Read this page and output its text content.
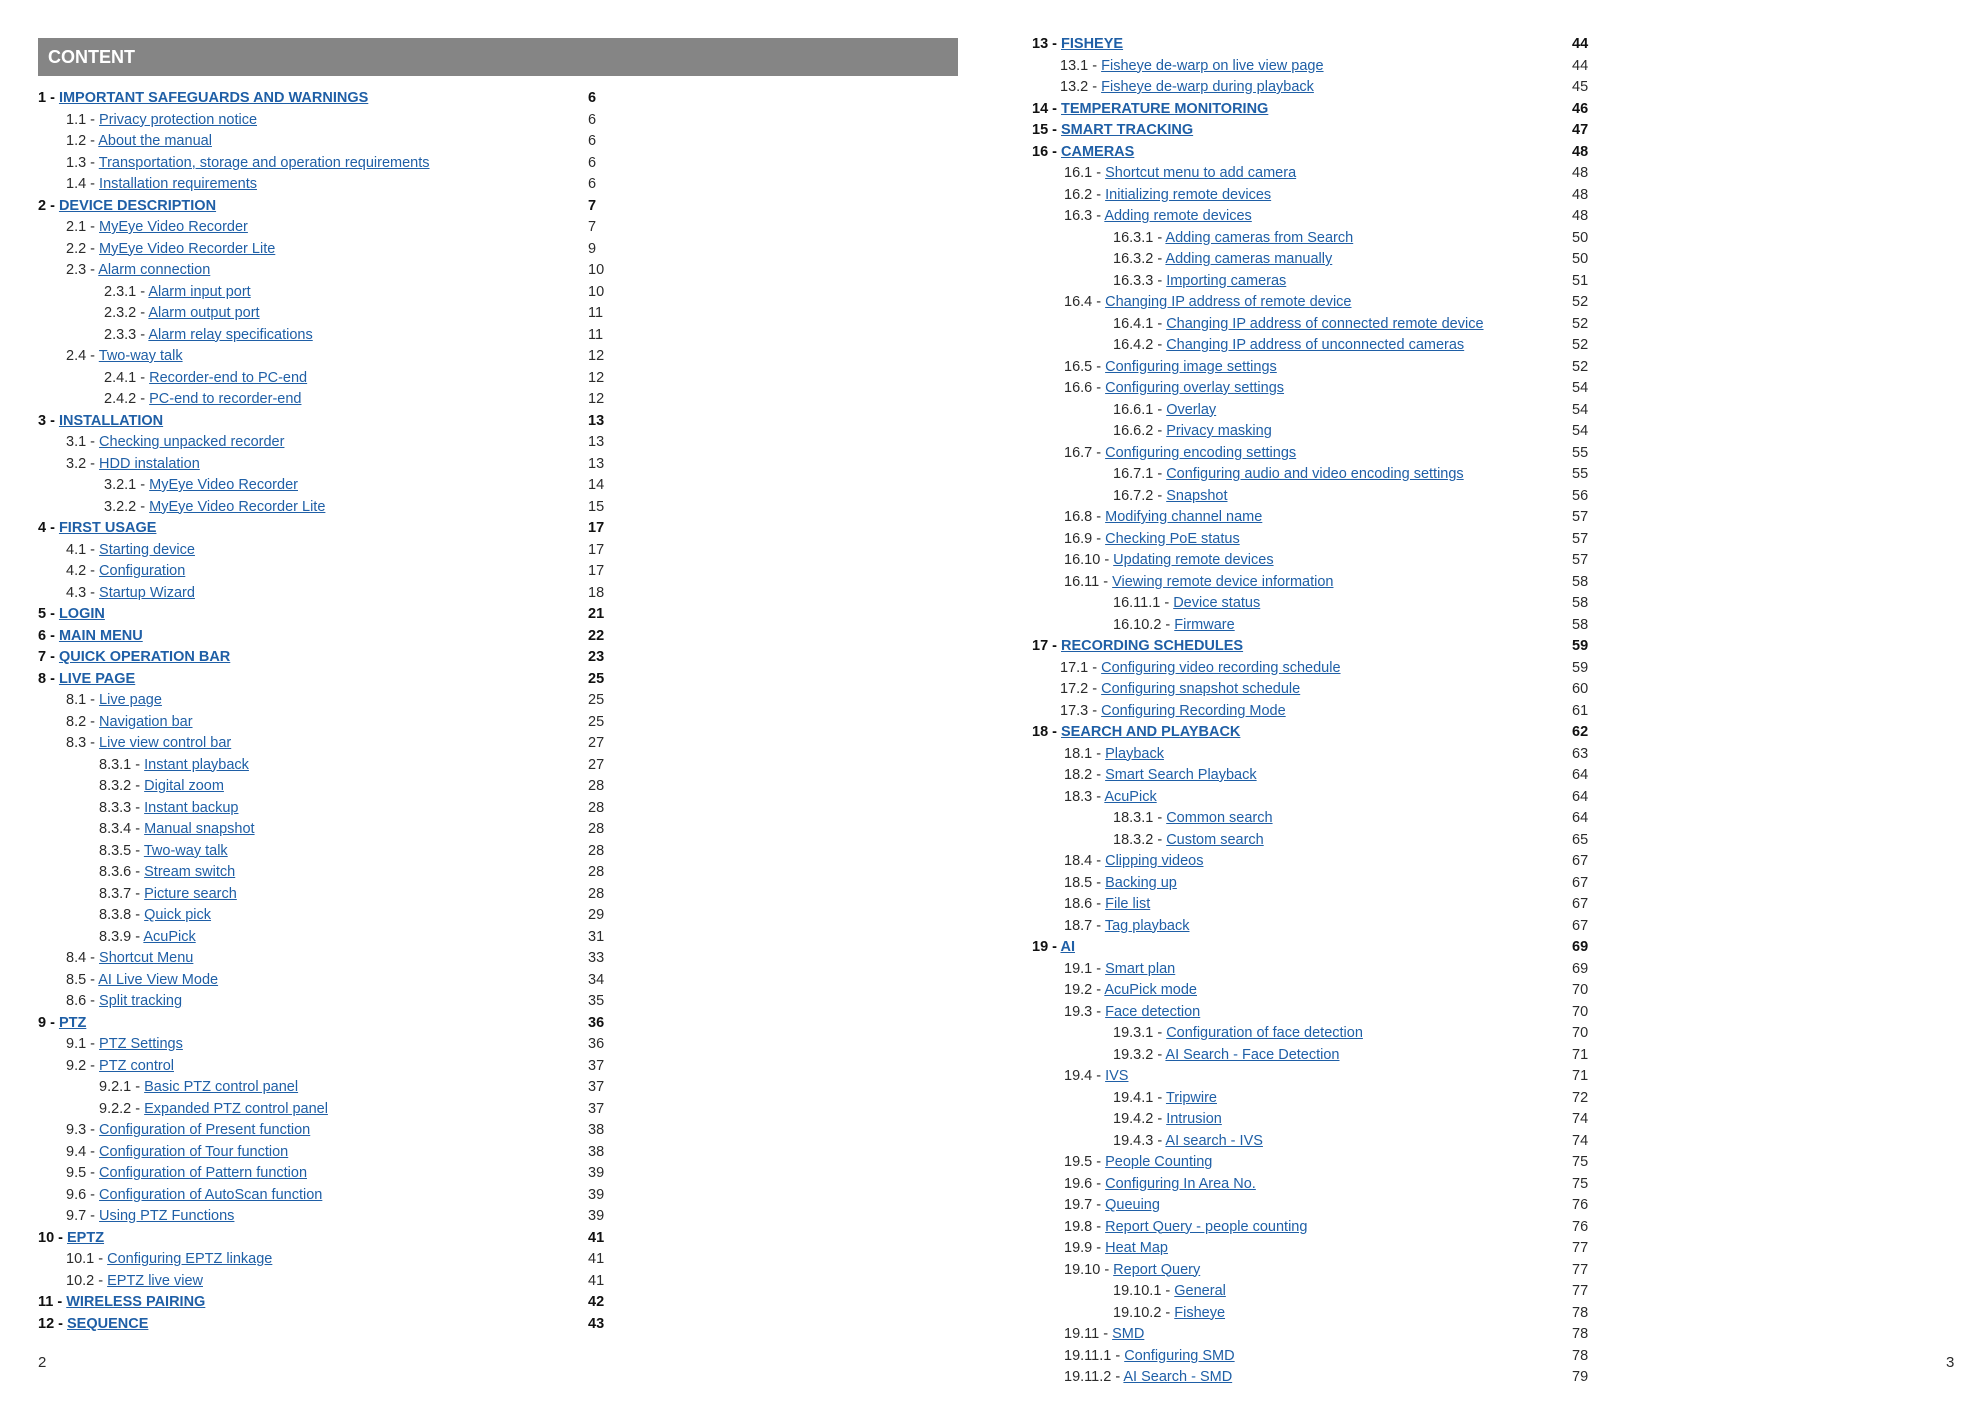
CONTENT
1 - IMPORTANT SAFEGUARDS AND WARNINGS	6
1.1 - Privacy protection notice	6
1.2 - About the manual	6
1.3 - Transportation, storage and operation requirements	6
1.4 - Installation requirements	6
2 - DEVICE DESCRIPTION	7
2.1 - MyEye Video Recorder	7
2.2 - MyEye Video Recorder Lite	9
2.3 - Alarm connection	10
2.3.1 - Alarm input port	10
2.3.2 - Alarm output port	11
2.3.3 - Alarm relay specifications	11
2.4 - Two-way talk	12
2.4.1 - Recorder-end to PC-end	12
2.4.2 - PC-end to recorder-end	12
3 - INSTALLATION	13
3.1 - Checking unpacked recorder	13
3.2 - HDD instalation	13
3.2.1 - MyEye Video Recorder	14
3.2.2 - MyEye Video Recorder Lite	15
4 - FIRST USAGE	17
4.1 - Starting device	17
4.2 - Configuration	17
4.3 - Startup Wizard	18
5 - LOGIN	21
6 - MAIN MENU	22
7 - QUICK OPERATION BAR	23
8 - LIVE PAGE	25
8.1 - Live page	25
8.2 - Navigation bar	25
8.3 - Live view control bar	27
8.3.1 - Instant playback	27
8.3.2 - Digital zoom	28
8.3.3 - Instant backup	28
8.3.4 - Manual snapshot	28
8.3.5 - Two-way talk	28
8.3.6 - Stream switch	28
8.3.7 - Picture search	28
8.3.8 - Quick pick	29
8.3.9 - AcuPick	31
8.4 - Shortcut Menu	33
8.5 - AI Live View Mode	34
8.6 - Split tracking	35
9 - PTZ	36
9.1 - PTZ Settings	36
9.2 - PTZ control	37
9.2.1 - Basic PTZ control panel	37
9.2.2 - Expanded PTZ control panel	37
9.3 - Configuration of Present function	38
9.4 - Configuration of Tour function	38
9.5 - Configuration of Pattern function	39
9.6 - Configuration of AutoScan function	39
9.7 - Using PTZ Functions	39
10 - EPTZ	41
10.1 - Configuring EPTZ linkage	41
10.2 - EPTZ live view	41
11 - WIRELESS PAIRING	42
12 - SEQUENCE	43
2
13 - FISHEYE	44
13.1 - Fisheye de-warp on live view page	44
13.2 - Fisheye de-warp during playback	45
14 - TEMPERATURE MONITORING	46
15 - SMART TRACKING	47
16 - CAMERAS	48
16.1 - Shortcut menu to add camera	48
16.2 - Initializing remote devices	48
16.3 - Adding remote devices	48
16.3.1 - Adding cameras from Search	50
16.3.2 - Adding cameras manually	50
16.3.3 - Importing cameras	51
16.4 - Changing IP address of remote device	52
16.4.1 - Changing IP address of connected remote device	52
16.4.2 - Changing IP address of unconnected cameras	52
16.5 - Configuring image settings	52
16.6 - Configuring overlay settings	54
16.6.1 - Overlay	54
16.6.2 - Privacy masking	54
16.7 - Configuring encoding settings	55
16.7.1 - Configuring audio and video encoding settings	55
16.7.2 - Snapshot	56
16.8 - Modifying channel name	57
16.9 - Checking PoE status	57
16.10 - Updating remote devices	57
16.11 - Viewing remote device information	58
16.11.1 - Device status	58
16.10.2 - Firmware	58
17 - RECORDING SCHEDULES	59
17.1 - Configuring video recording schedule	59
17.2 - Configuring snapshot schedule	60
17.3 - Configuring Recording Mode	61
18 - SEARCH AND PLAYBACK	62
18.1 - Playback	63
18.2 - Smart Search Playback	64
18.3 - AcuPick	64
18.3.1 - Common search	64
18.3.2 - Custom search	65
18.4 - Clipping videos	67
18.5 - Backing up	67
18.6 - File list	67
18.7 - Tag playback	67
19 - AI	69
19.1 - Smart plan	69
19.2 - AcuPick mode	70
19.3 - Face detection	70
19.3.1 - Configuration of face detection	70
19.3.2 - AI Search - Face Detection	71
19.4 - IVS	71
19.4.1 - Tripwire	72
19.4.2 - Intrusion	74
19.4.3 - AI search - IVS	74
19.5 - People Counting	75
19.6 - Configuring In Area No.	75
19.7 - Queuing	76
19.8 - Report Query - people counting	76
19.9 - Heat Map	77
19.10 - Report Query	77
19.10.1 - General	77
19.10.2 - Fisheye	78
19.11 - SMD	78
19.11.1 - Configuring SMD	78
19.11.2 - AI Search - SMD	79
3
